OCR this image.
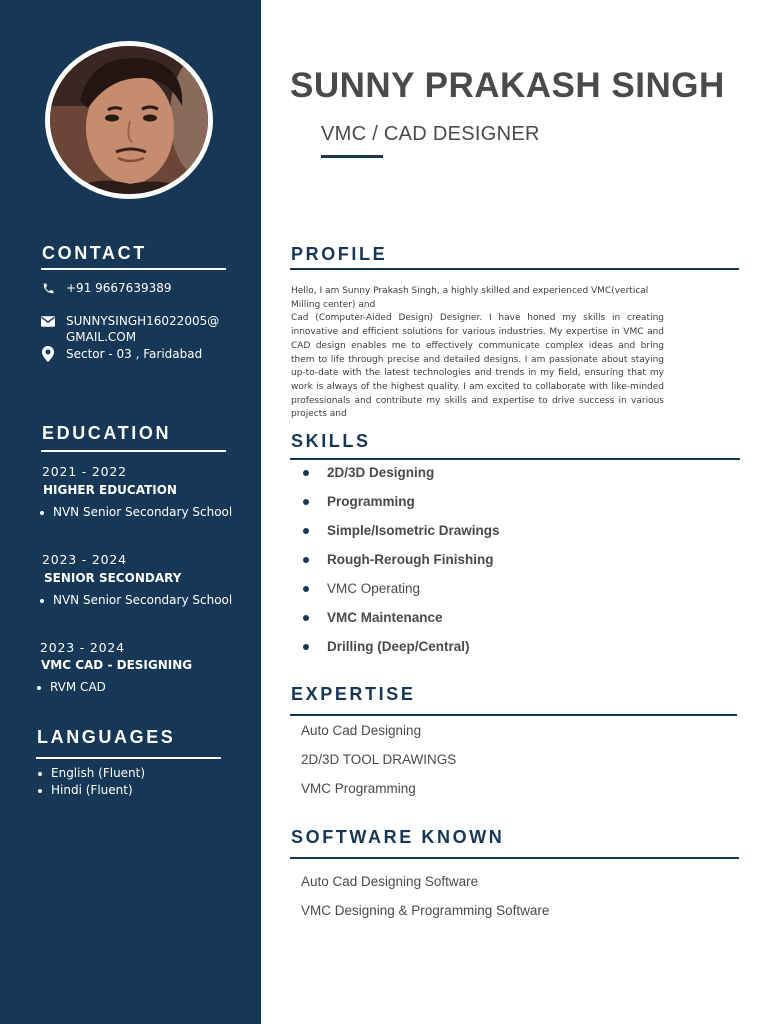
CONTACT
+91 9667639389
SUNNYSINGH16022005@
GMAIL.COM
Sector - 03 , Faridabad
EDUCATION
2021 - 2022
HIGHER EDUCATION
NVN Senior Secondary School
2023 - 2024
SENIOR SECONDARY
NVN Senior Secondary School
2023 - 2024
VMC CAD - DESIGNING
RVM CAD
LANGUAGES
English (Fluent)
Hindi (Fluent)
SUNNY PRAKASH SINGH
VMC / CAD DESIGNER
PROFILE

Hello, I am Sunny Prakash Singh, a highly skilled and experienced VMC(vertical Milling center) and

Cad (Computer-Aided Design) Designer. I have honed my skills in creating innovative and efficient solutions for various industries. My expertise in VMC and CAD design enables me to effectively communicate complex ideas and bring them to life through precise and detailed designs. I am passionate about staying up-to-date with the latest technologies and trends in my field, ensuring that my work is always of the highest quality. I am excited to collaborate with like-minded professionals and contribute my skills and expertise to drive success in various projects and

SKILLS
2D/3D Designing
Programming
Simple/Isometric Drawings
Rough-Rerough Finishing
VMC Operating
VMC Maintenance
Drilling (Deep/Central)
EXPERTISE
Auto Cad Designing
2D/3D TOOL DRAWINGS
VMC Programming
SOFTWARE KNOWN
Auto Cad Designing Software
VMC Designing & Programming Software
